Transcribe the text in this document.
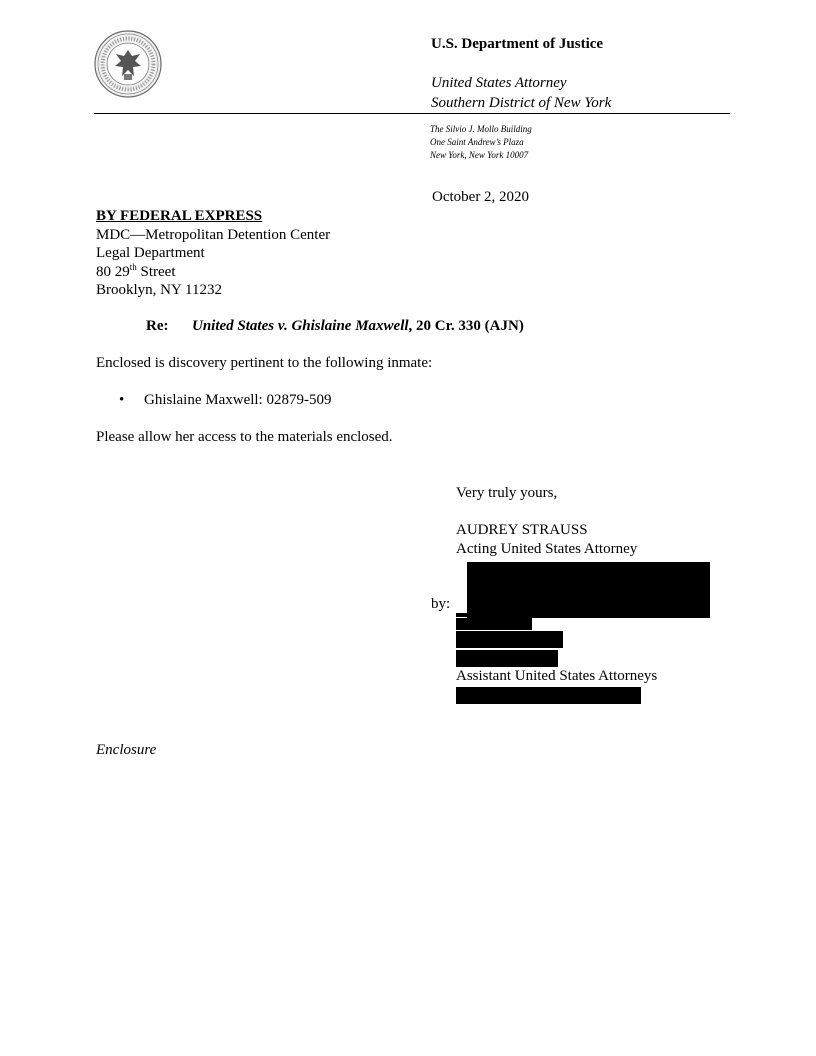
U.S. Department of Justice
United States Attorney
Southern District of New York
The Silvio J. Mollo Building
One Saint Andrew’s Plaza
New York, New York 10007
October 2, 2020
BY FEDERAL EXPRESS
MDC—Metropolitan Detention Center
Legal Department
80 29th Street
Brooklyn, NY 11232
Re: United States v. Ghislaine Maxwell, 20 Cr. 330 (AJN)
Enclosed is discovery pertinent to the following inmate:
• Ghislaine Maxwell: 02879-509
Please allow her access to the materials enclosed.
Very truly yours,
AUDREY STRAUSS
Acting United States Attorney
by:
Assistant United States Attorneys
Enclosure
